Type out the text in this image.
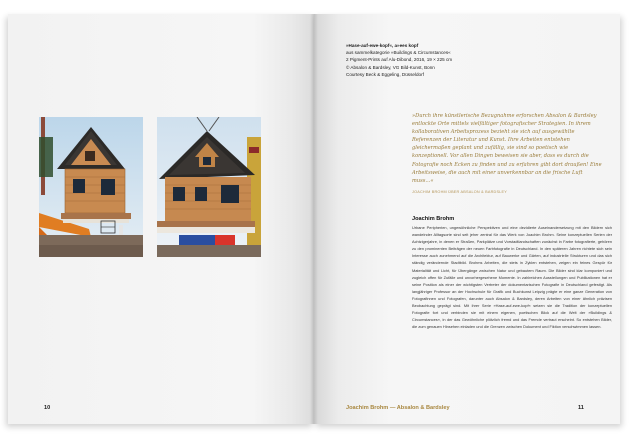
»Hase-auf-ewe-kopf«, a»ees kopf
aus sammelkategorie »Buildings & Circumstances«
2 Pigment-Prints auf Alu-Dibond, 2016, 19 × 225 cm
© Absalon & Bardsley, VG Bild-Kunst, Bonn
Courtesy Beck & Eggeling, Düsseldorf
»Durch ihre künstlerische Bezugnahme erforschen Absalon & Bardsley entlockte Orte mittels vielfältiger fotografischer Strategien. In ihrem kollaborativen Arbeitsprozess bezieht sie sich auf ausgewählte Referenzen der Literatur und Kunst. Ihre Arbeiten entstehen gleichermaßen geplant und zufällig, sie sind so poetisch wie konzeptionell. Vor allen Dingen beweisen sie aber, dass es durch die Fotografie noch Ecken zu finden und zu erfahren gibt dort draußen! Eine Arbeitsweise, die auch mit einer unverkennbar an die frische Luft muss…«
JOACHIM BROHM ÜBER ABSALON & BARDSLEY
Joachim Brohm
Urbane Peripherien, ungewöhnliche Perspektiven und eine dezidierte Auseinandersetzung mit den Bildern sich wandelnder Alltagsorte sind seit jeher zentral für das Werk von Joachim Brohm. Seine konzeptuellen Serien der Achtzigerjahre, in denen er Straßen, Parkplätze und Vorstadtlandschaften zunächst in Farbe fotografierte, gehören zu den prominenten Beiträgen der neuen Farbfotografie in Deutschland. In den späteren Jahren richtete sich sein Interesse auch zunehmend auf die Architektur, auf Bauwerke und Gärten, auf industrielle Strukturen und das sich ständig verändernde Stadtbild. Brohms Arbeiten, die stets in Zyklen entstehen, zeigen ein feines Gespür für Materialität und Licht, für Übergänge zwischen Natur und gebautem Raum. Die Bilder sind klar komponiert und zugleich offen für Zufälle und unvorhergesehene Momente. In zahlreichen Ausstellungen und Publikationen hat er seine Position als einer der wichtigsten Vertreter der dokumentarischen Fotografie in Deutschland gefestigt. Als langjähriger Professor an der Hochschule für Grafik und Buchkunst Leipzig prägte er eine ganze Generation von Fotografinnen und Fotografen, darunter auch Absalon & Bardsley, deren Arbeiten von einer ähnlich präzisen Beobachtung geprägt sind. Mit ihrer Serie »Hase-auf-ewe-kopf« setzen sie die Tradition der konzeptuellen Fotografie fort und verbinden sie mit einem eigenen, poetischen Blick auf die Welt der »Buildings & Circumstances«, in der das Gewöhnliche plötzlich fremd und das Fremde vertraut erscheint. So entstehen Bilder, die zum genauen Hinsehen einladen und die Grenzen zwischen Dokument und Fiktion verschwimmen lassen.
10	Joachim Brohm — Absalon & Bardsley	11
